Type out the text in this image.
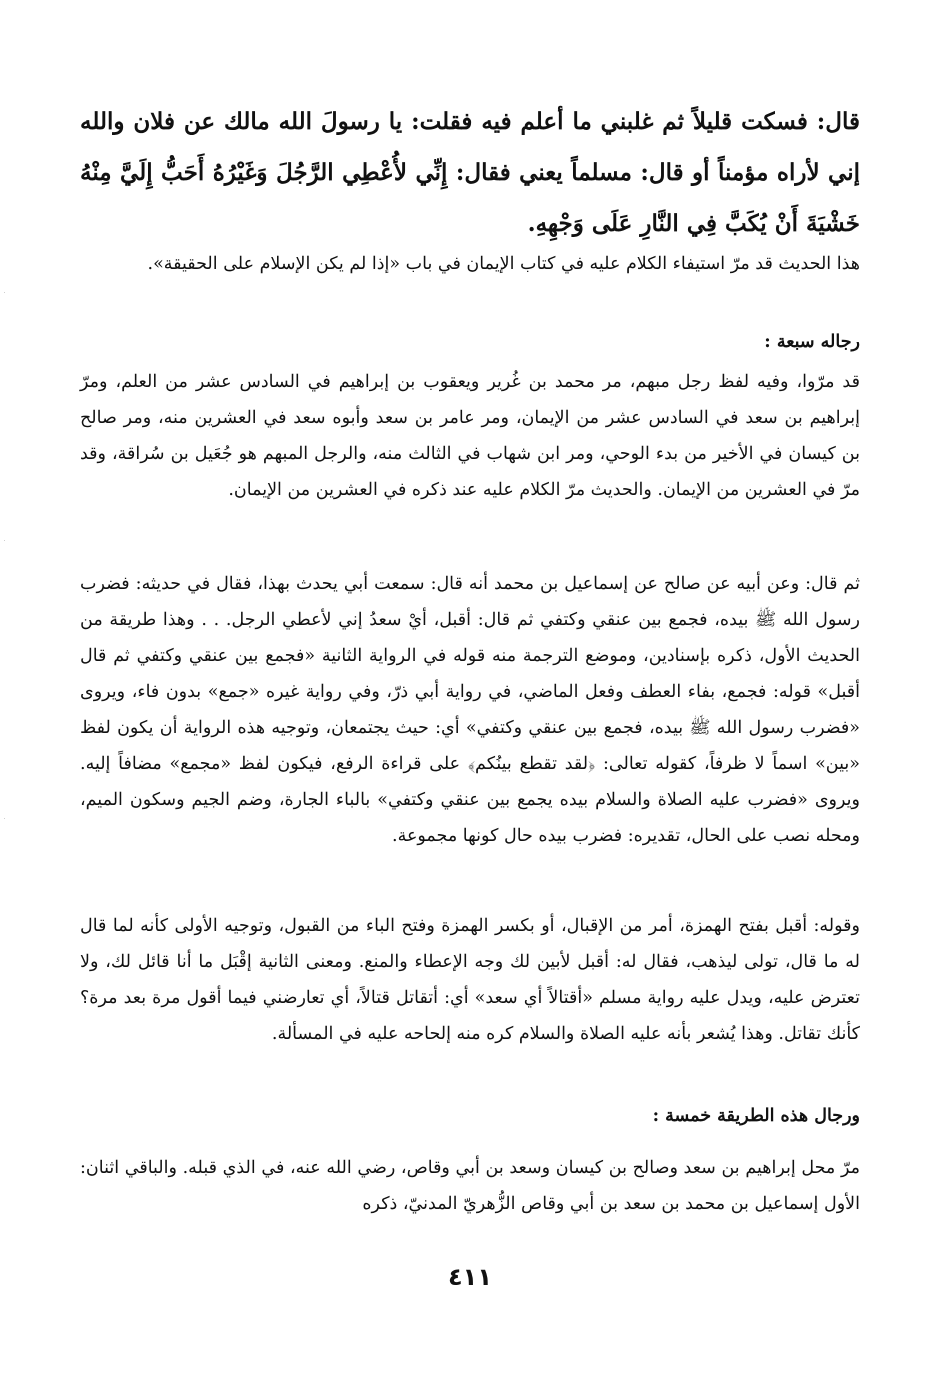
قال: فسكت قليلاً ثم غلبني ما أعلم فيه فقلت: يا رسولَ الله مالك عن فلان والله إني لأراه مؤمناً أو قال: مسلماً يعني فقال: إِنِّي لأُعْطِي الرَّجُلَ وَغَيْرُهُ أَحَبُّ إِلَيَّ مِنْهُ خَشْيَةَ أَنْ يُكَبَّ فِي النَّارِ عَلَى وَجْهِهِ.

هذا الحديث قد مرّ استيفاء الكلام عليه في كتاب الإيمان في باب «إذا لم يكن الإسلام على الحقيقة».

رجاله سبعة :

قد مرّوا، وفيه لفظ رجل مبهم، مر محمد بن غُرير ويعقوب بن إبراهيم في السادس عشر من العلم، ومرّ إبراهيم بن سعد في السادس عشر من الإيمان، ومر عامر بن سعد وأبوه سعد في العشرين منه، ومر صالح بن كيسان في الأخير من بدء الوحي، ومر ابن شهاب في الثالث منه، والرجل المبهم هو جُعَيل بن سُراقة، وقد مرّ في العشرين من الإيمان. والحديث مرّ الكلام عليه عند ذكره في العشرين من الإيمان.

ثم قال: وعن أبيه عن صالح عن إسماعيل بن محمد أنه قال: سمعت أبي يحدث بهذا، فقال في حديثه: فضرب رسول الله ﷺ بيده، فجمع بين عنقي وكتفي ثم قال: أقبل، أيْ سعدُ إني لأعطي الرجل. . . وهذا طريقة من الحديث الأول، ذكره بإسنادين، وموضع الترجمة منه قوله في الرواية الثانية «فجمع بين عنقي وكتفي ثم قال أقبل» قوله: فجمع، بفاء العطف وفعل الماضي، في رواية أبي ذرّ، وفي رواية غيره «جمع» بدون فاء، ويروى «فضرب رسول الله ﷺ بيده، فجمع بين عنقي وكتفي» أي: حيث يجتمعان، وتوجيه هذه الرواية أن يكون لفظ «بين» اسماً لا ظرفاً، كقوله تعالى: ﴿لقد تقطع بينُكم﴾ على قراءة الرفع، فيكون لفظ «مجمع» مضافاً إليه. ويروى «فضرب عليه الصلاة والسلام بيده يجمع بين عنقي وكتفي» بالباء الجارة، وضم الجيم وسكون الميم، ومحله نصب على الحال، تقديره: فضرب بيده حال كونها مجموعة.

وقوله: أقبل بفتح الهمزة، أمر من الإقبال، أو بكسر الهمزة وفتح الباء من القبول، وتوجيه الأولى كأنه لما قال له ما قال، تولى ليذهب، فقال له: أقبل لأبين لك وجه الإعطاء والمنع. ومعنى الثانية إقْبَل ما أنا قائل لك، ولا تعترض عليه، ويدل عليه رواية مسلم «أقتالاً أي سعد» أي: أتقاتل قتالاً، أي تعارضني فيما أقول مرة بعد مرة؟ كأنك تقاتل. وهذا يُشعر بأنه عليه الصلاة والسلام كره منه إلحاحه عليه في المسألة.

ورجال هذه الطريقة خمسة :

مرّ محل إبراهيم بن سعد وصالح بن كيسان وسعد بن أبي وقاص، رضي الله عنه، في الذي قبله. والباقي اثنان: الأول إسماعيل بن محمد بن سعد بن أبي وقاص الزُّهريّ المدنيّ، ذكره

٤١١
